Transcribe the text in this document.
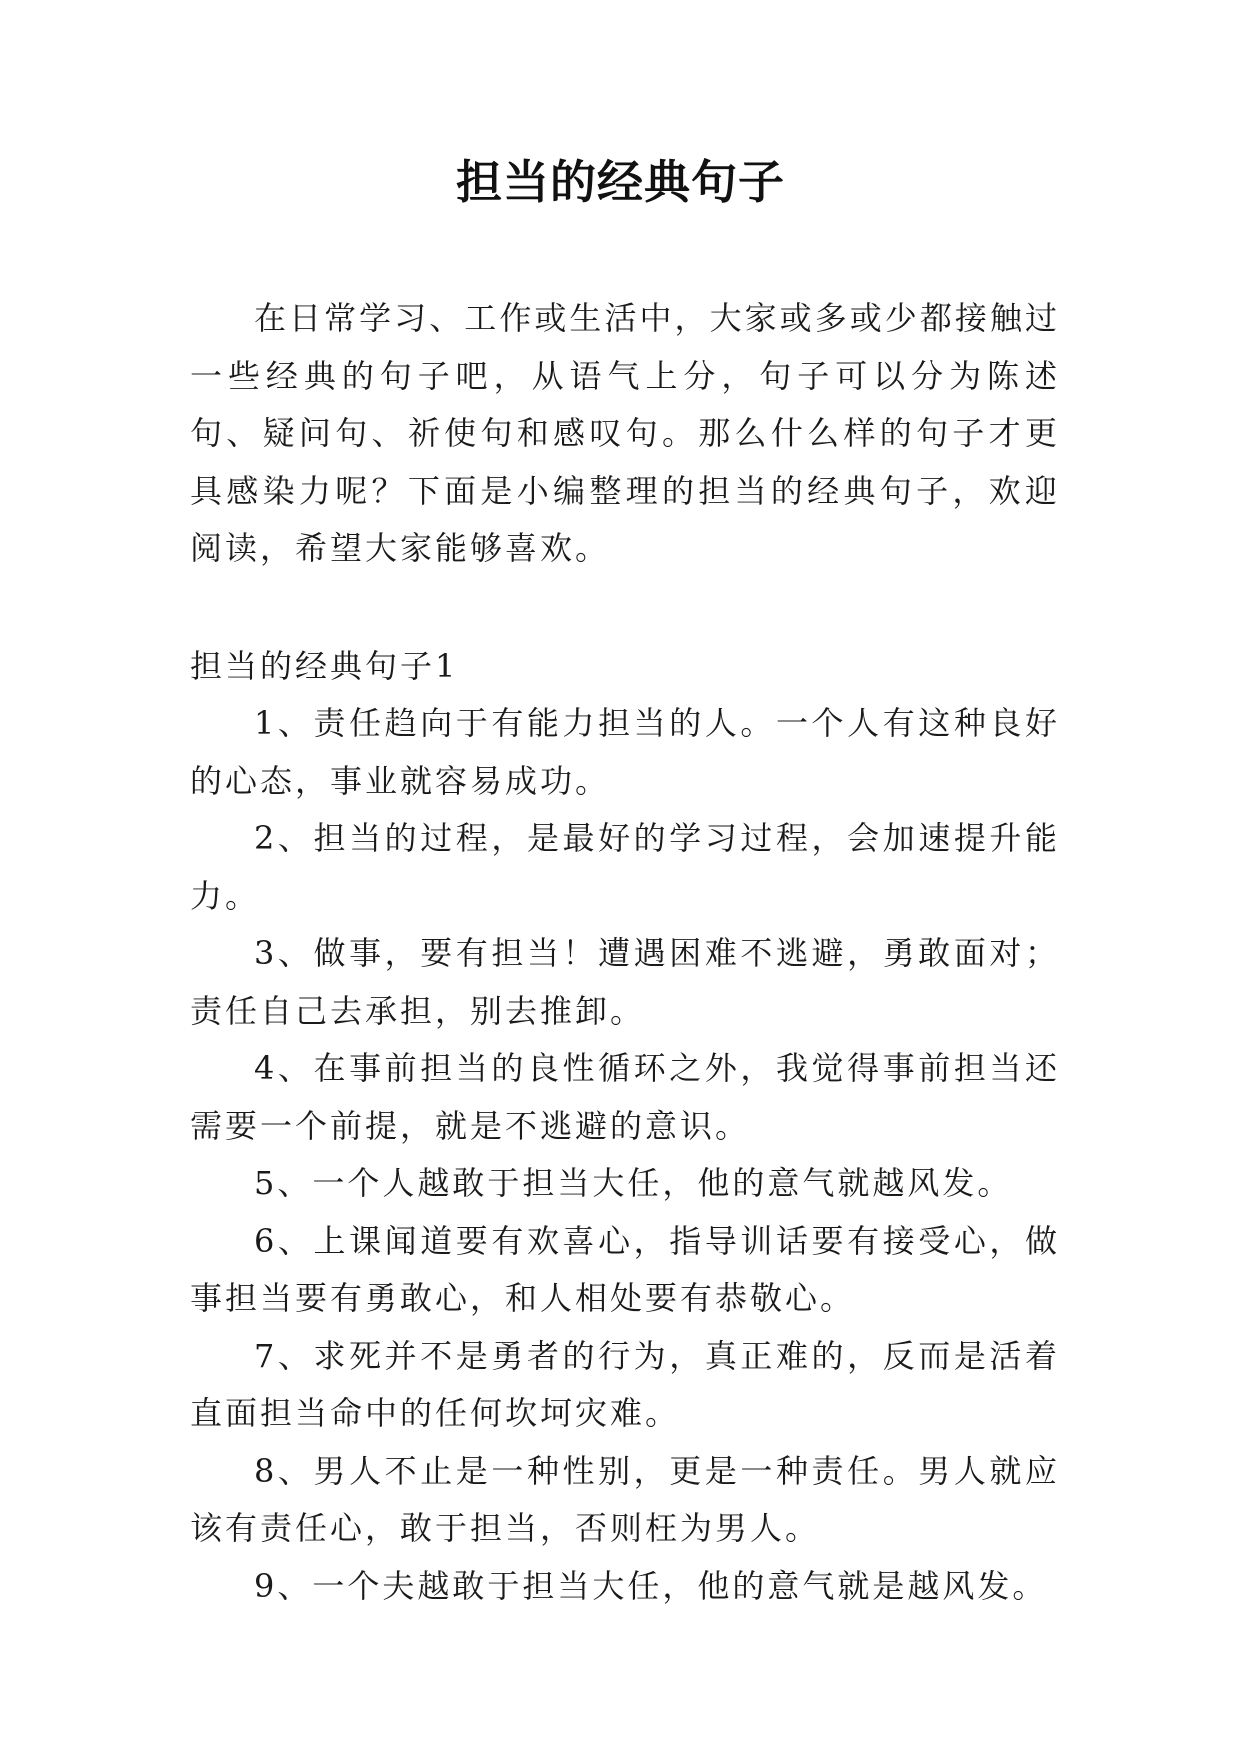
担当的经典句子

在日常学习、工作或生活中，大家或多或少都接触过一些经典的句子吧，从语气上分，句子可以分为陈述句、疑问句、祈使句和感叹句。那么什么样的句子才更具感染力呢？下面是小编整理的担当的经典句子，欢迎阅读，希望大家能够喜欢。

担当的经典句子1

1、责任趋向于有能力担当的人。一个人有这种良好的心态，事业就容易成功。

2、担当的过程，是最好的学习过程，会加速提升能力。

3、做事，要有担当！遭遇困难不逃避，勇敢面对；责任自己去承担，别去推卸。

4、在事前担当的良性循环之外，我觉得事前担当还需要一个前提，就是不逃避的意识。

5、一个人越敢于担当大任，他的意气就越风发。

6、上课闻道要有欢喜心，指导训话要有接受心，做事担当要有勇敢心，和人相处要有恭敬心。

7、求死并不是勇者的行为，真正难的，反而是活着直面担当命中的任何坎坷灾难。

8、男人不止是一种性别，更是一种责任。男人就应该有责任心，敢于担当，否则枉为男人。

9、一个夫越敢于担当大任，他的意气就是越风发。
